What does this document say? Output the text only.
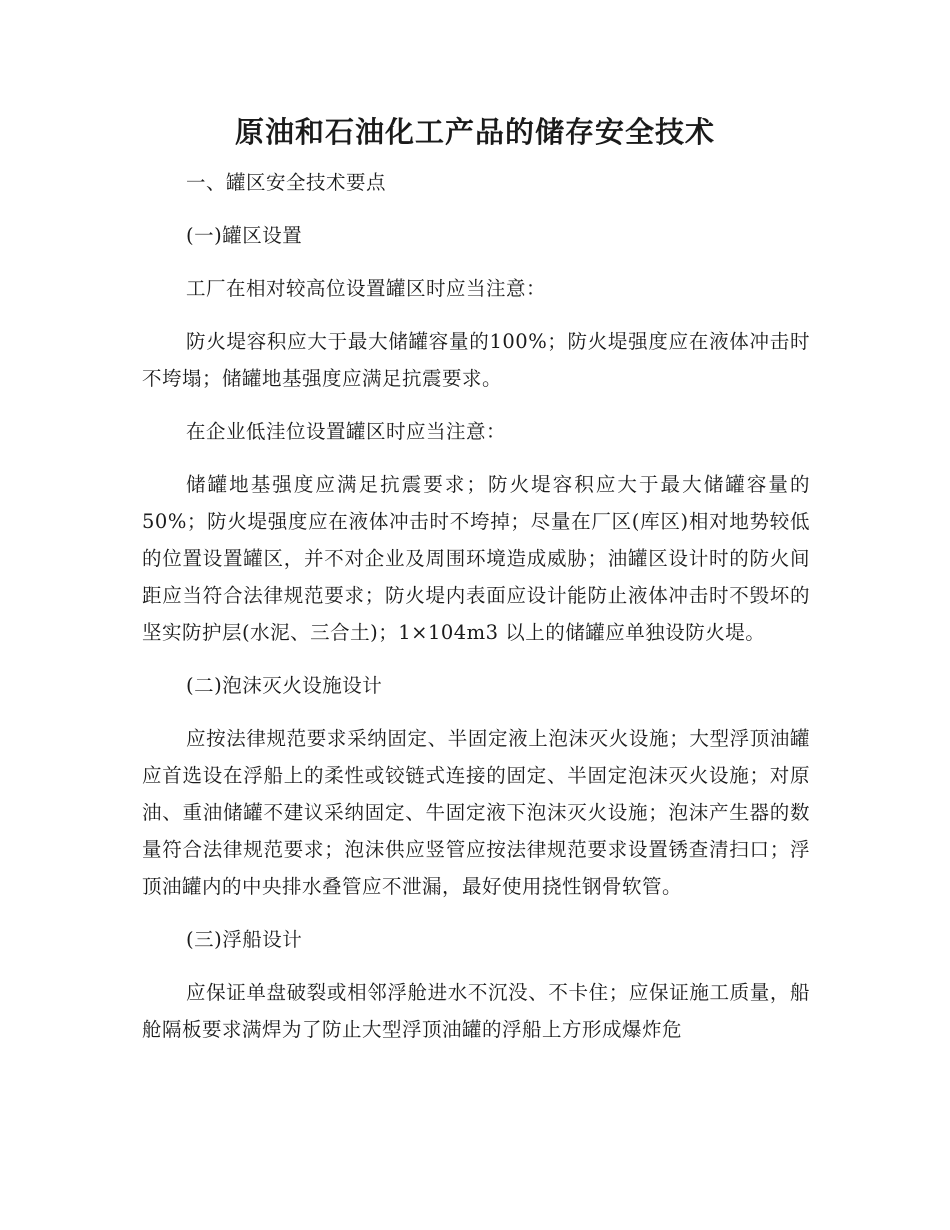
原油和石油化工产品的储存安全技术

一、罐区安全技术要点

(一)罐区设置

工厂在相对较高位设置罐区时应当注意：

防火堤容积应大于最大储罐容量的100%；防火堤强度应在液体冲击时不垮塌；储罐地基强度应满足抗震要求。

在企业低洼位设置罐区时应当注意：

储罐地基强度应满足抗震要求；防火堤容积应大于最大储罐容量的50%；防火堤强度应在液体冲击时不垮掉；尽量在厂区(库区)相对地势较低的位置设置罐区，并不对企业及周围环境造成威胁；油罐区设计时的防火间距应当符合法律规范要求；防火堤内表面应设计能防止液体冲击时不毁坏的坚实防护层(水泥、三合土)；1×104m3 以上的储罐应单独设防火堤。

(二)泡沫灭火设施设计

应按法律规范要求采纳固定、半固定液上泡沫灭火设施；大型浮顶油罐应首选设在浮船上的柔性或铰链式连接的固定、半固定泡沫灭火设施；对原油、重油储罐不建议采纳固定、牛固定液下泡沫灭火设施；泡沫产生器的数量符合法律规范要求；泡沫供应竖管应按法律规范要求设置锈查清扫口；浮顶油罐内的中央排水叠管应不泄漏，最好使用挠性钢骨软管。

(三)浮船设计

应保证单盘破裂或相邻浮舱进水不沉没、不卡住；应保证施工质量，船舱隔板要求满焊为了防止大型浮顶油罐的浮船上方形成爆炸危
